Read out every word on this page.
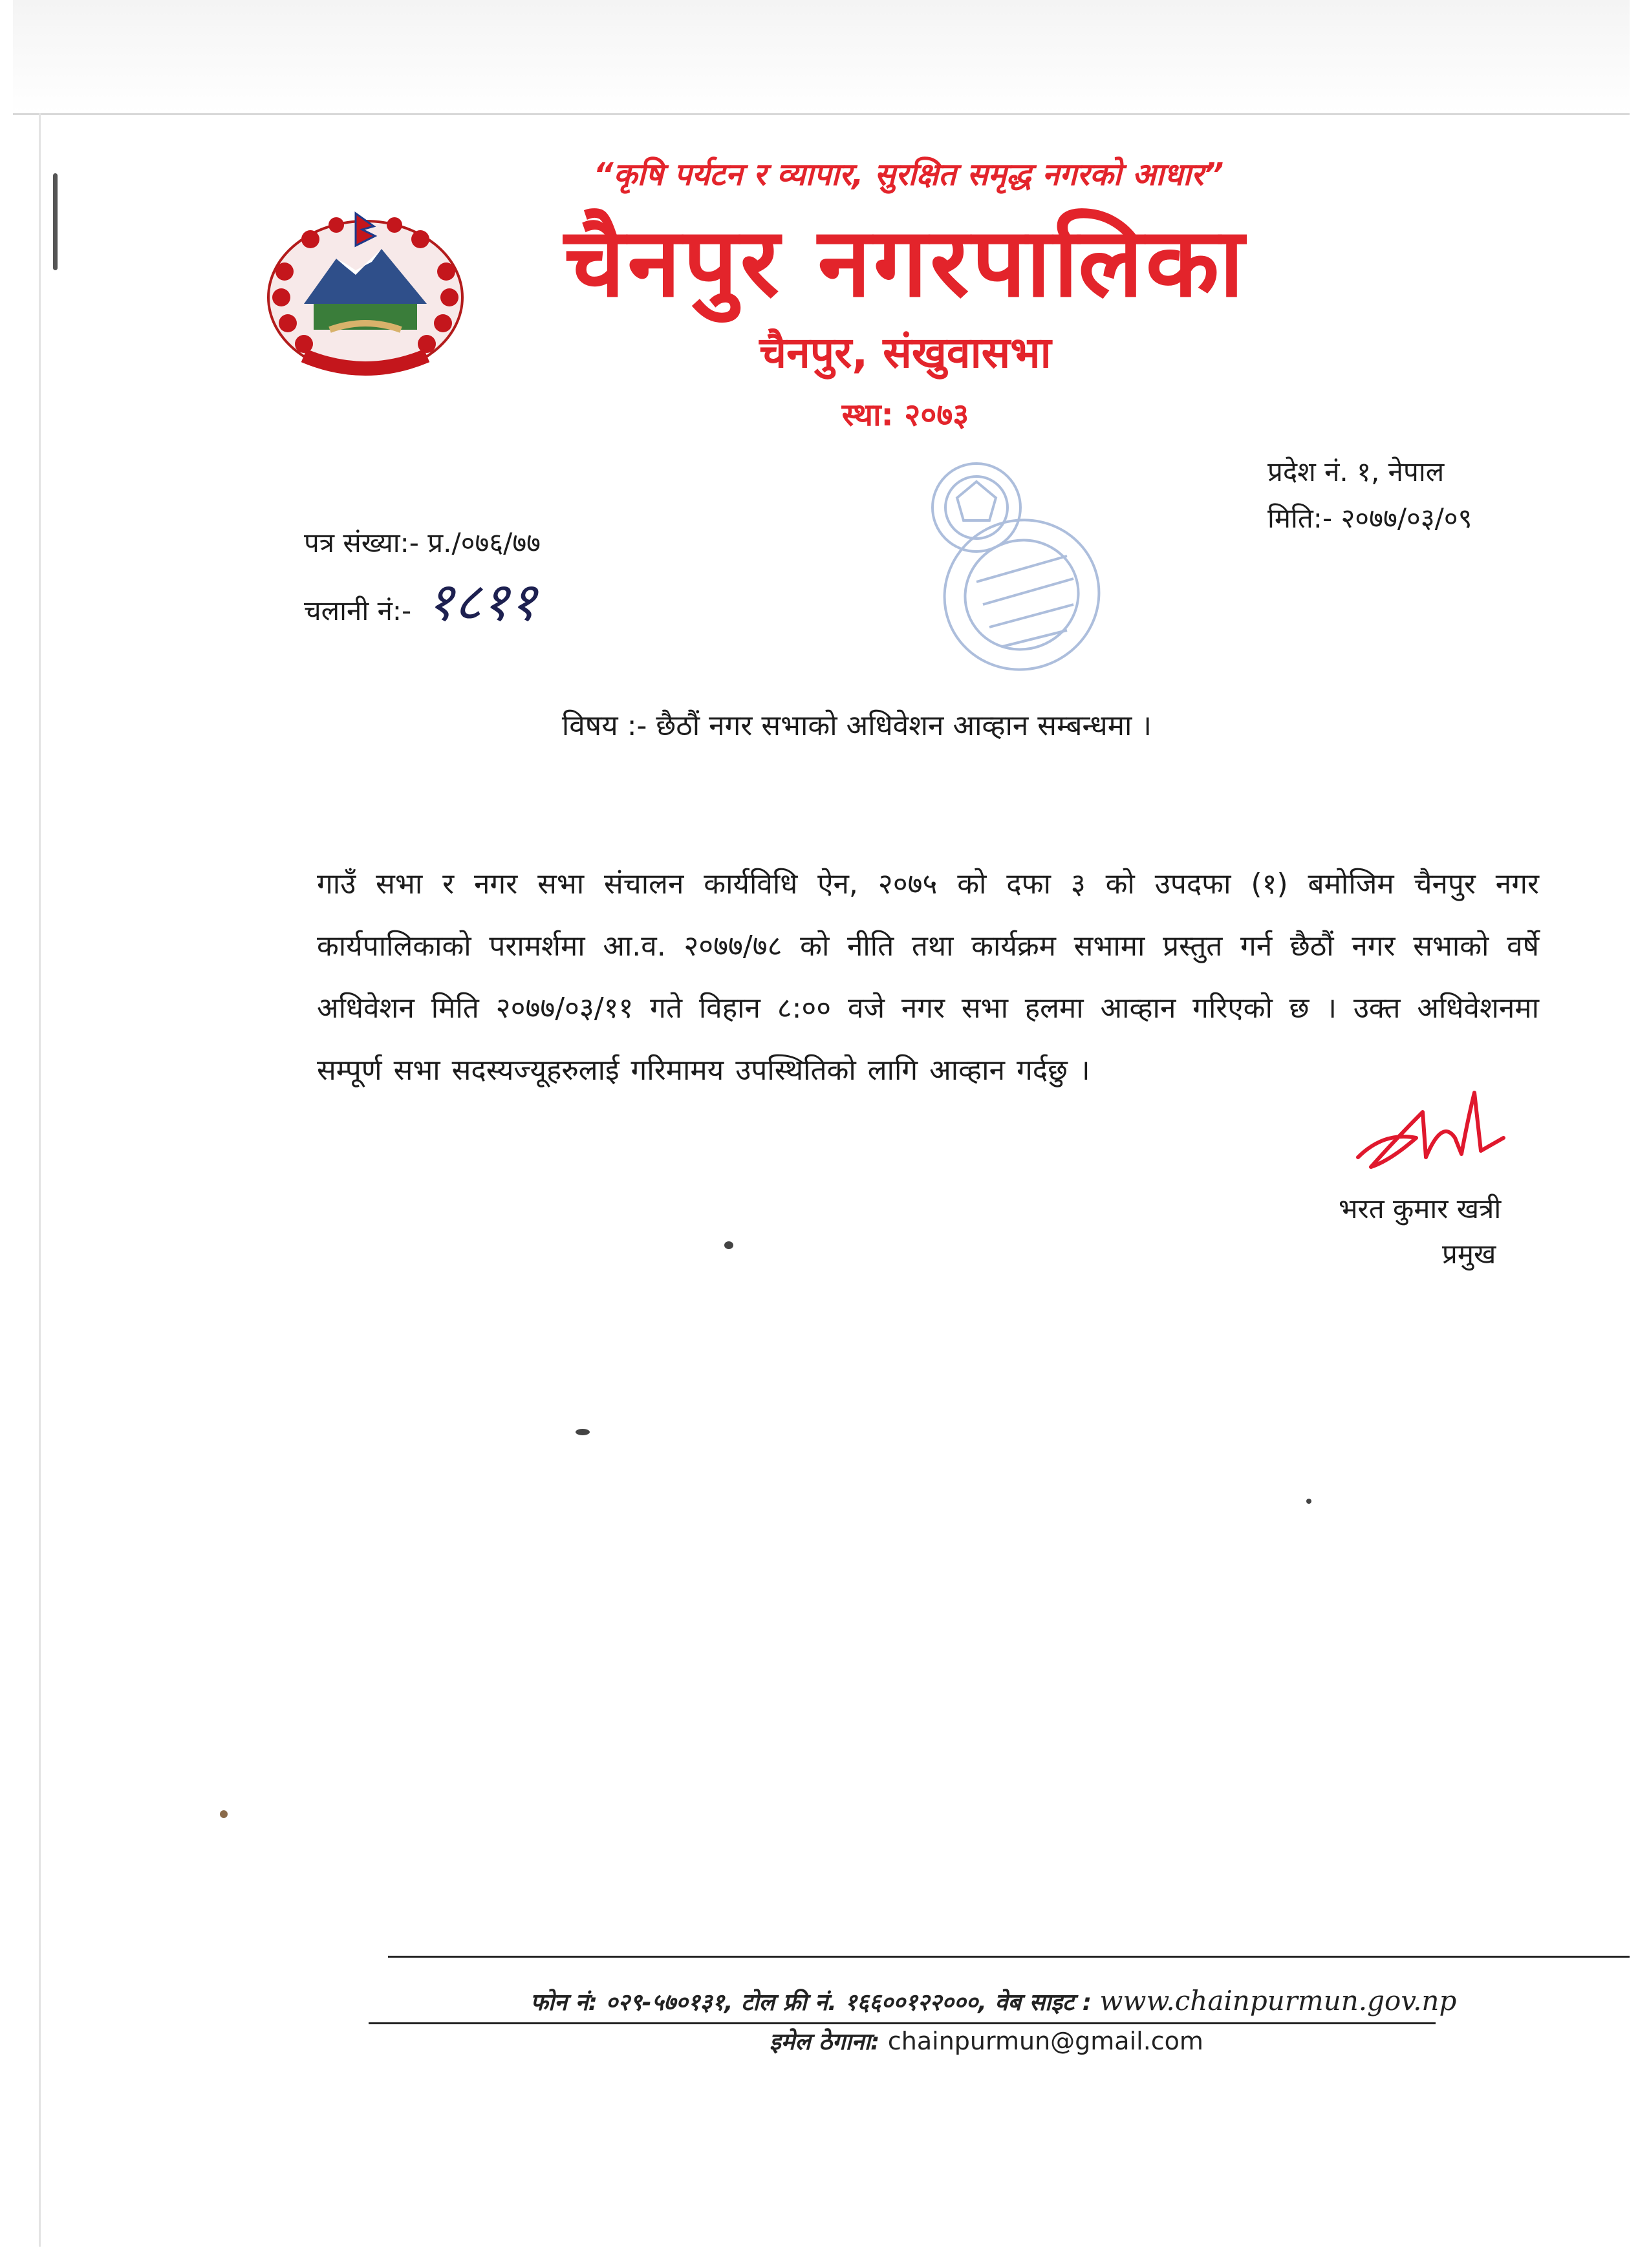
“कृषि पर्यटन र व्यापार, सुरक्षित समृद्ध नगरको आधार”
चैनपुर नगरपालिका
चैनपुर, संखुवासभा
स्था: २०७३
प्रदेश नं. १, नेपाल
मिति:- २०७७/०३/०९
पत्र संख्या:- प्र./०७६/७७
चलानी नं:- १८११
विषय :- छैठौं नगर सभाको अधिवेशन आव्हान सम्बन्धमा ।
गाउँ सभा र नगर सभा संचालन कार्यविधि ऐन, २०७५ को दफा ३ को उपदफा (१) बमोजिम चैनपुर नगर कार्यपालिकाको परामर्शमा आ.व. २०७७/७८ को नीति तथा कार्यक्रम सभामा प्रस्तुत गर्न छैठौं नगर सभाको वर्षे अधिवेशन मिति २०७७/०३/११ गते विहान ८:०० वजे नगर सभा हलमा आव्हान गरिएको छ । उक्त अधिवेशनमा सम्पूर्ण सभा सदस्यज्यूहरुलाई गरिमामय उपस्थितिको लागि आव्हान गर्दछु ।
भरत कुमार खत्री
प्रमुख
फोन नं: ०२९-५७०१३१, टोल फ्री नं. १६६००१२२०००, वेब साइट : www.chainpurmun.gov.np
इमेल ठेगाना: chainpurmun@gmail.com
